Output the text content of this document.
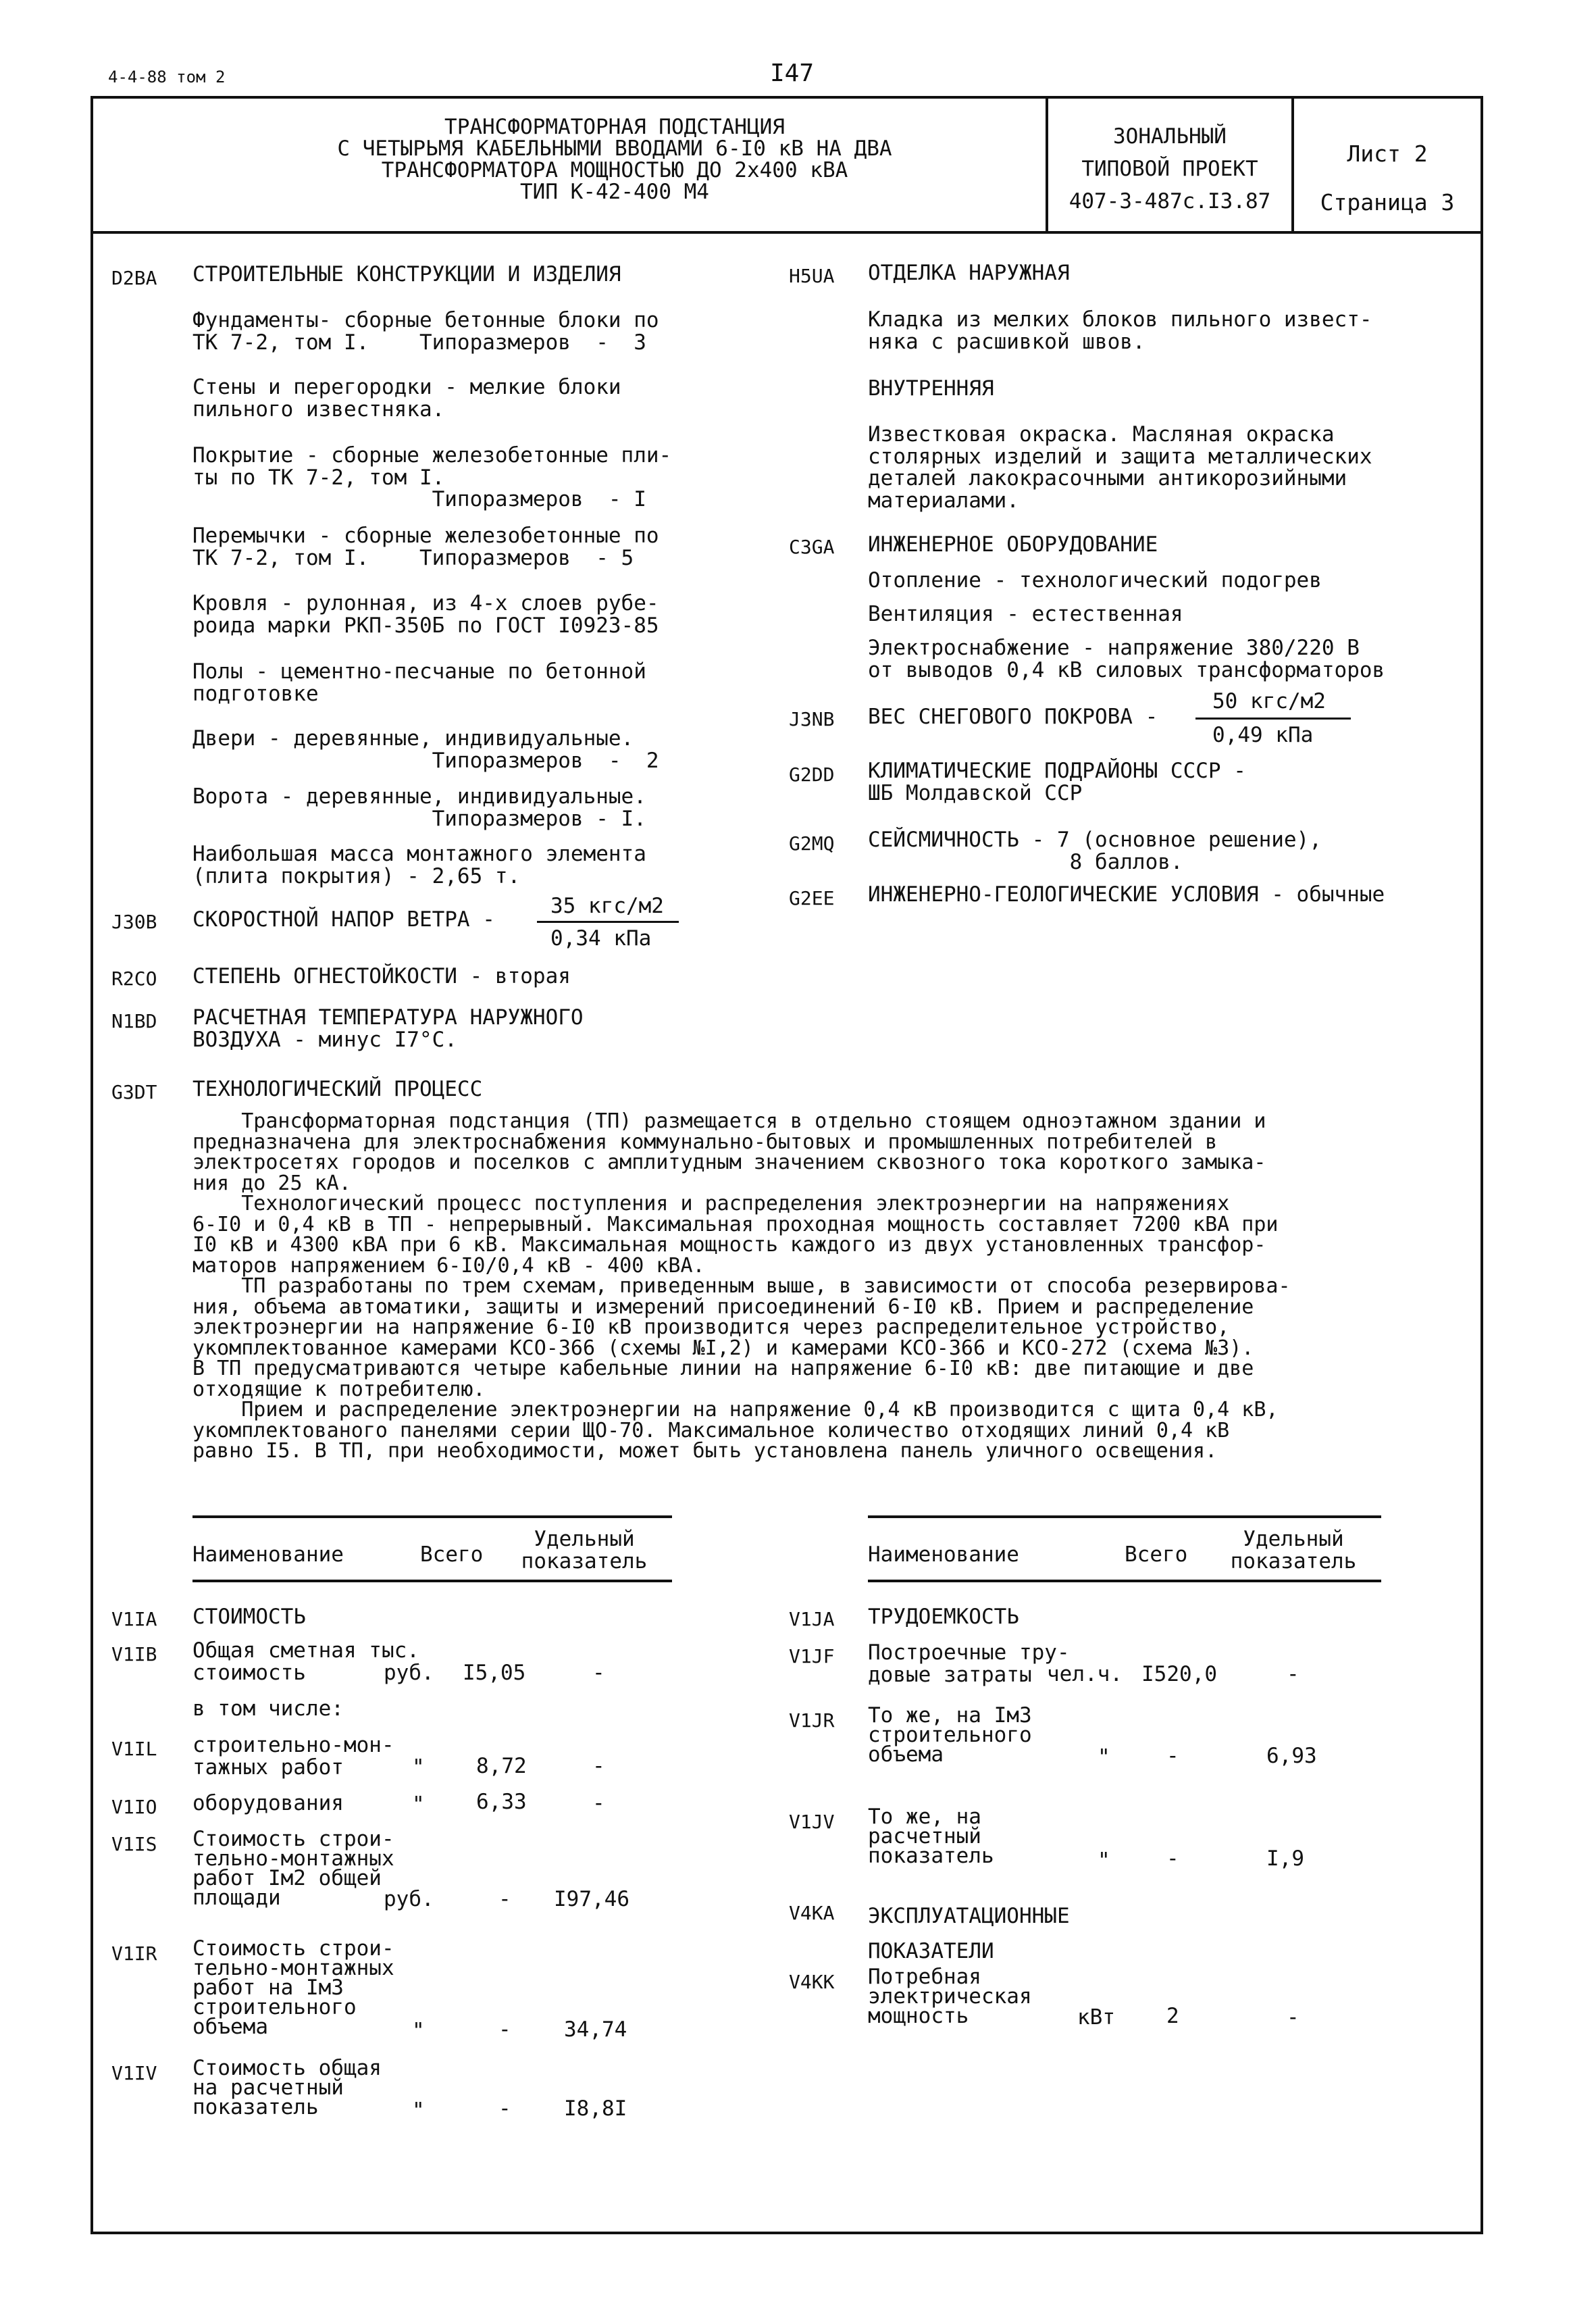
4-4-88 том 2	I47
ТРАНСФОРМАТОРНАЯ ПОДСТАНЦИЯ
С ЧЕТЫРЬМЯ КАБЕЛЬНЫМИ ВВОДАМИ 6-I0 кВ НА ДВА
ТРАНСФОРМАТОРА МОЩНОСТЬЮ ДО 2х400 кВА
ТИП К-42-400 М4
ЗОНАЛЬНЫЙ
ТИПОВОЙ ПРОЕКТ
407-3-487с.I3.87
Лист 2
Страница 3
D2BA СТРОИТЕЛЬНЫЕ КОНСТРУКЦИИ И ИЗДЕЛИЯ
Фундаменты- сборные бетонные блоки по
ТК 7-2, том I.    Типоразмеров  -  3
Стены и перегородки - мелкие блоки
пильного известняка.
Покрытие - сборные железобетонные пли-
ты по ТК 7-2, том I.
Типоразмеров  - I
Перемычки - сборные железобетонные по
ТК 7-2, том I.    Типоразмеров  - 5
Кровля - рулонная, из 4-х слоев рубе-
роида марки РКП-350Б по ГОСТ I0923-85
Полы - цементно-песчаные по бетонной
подготовке
Двери - деревянные, индивидуальные.
Типоразмеров  -  2
Ворота - деревянные, индивидуальные.
Типоразмеров - I.
Наибольшая масса монтажного элемента
(плита покрытия) - 2,65 т.
J30B СКОРОСТНОЙ НАПОР ВЕТРА -
35 кгс/м2
0,34 кПа
R2CO СТЕПЕНЬ ОГНЕСТОЙКОСТИ - вторая
N1BD РАСЧЕТНАЯ ТЕМПЕРАТУРА НАРУЖНОГО
ВОЗДУХА - минус I7°С.
H5UA ОТДЕЛКА НАРУЖНАЯ
Кладка из мелких блоков пильного извест-
няка с расшивкой швов.
ВНУТРЕННЯЯ
Известковая окраска. Масляная окраска
столярных изделий и защита металлических
деталей лакокрасочными антикорозийными
материалами.
C3GA ИНЖЕНЕРНОЕ ОБОРУДОВАНИЕ
Отопление - технологический подогрев
Вентиляция - естественная
Электроснабжение - напряжение 380/220 В
от выводов 0,4 кВ силовых трансформаторов
J3NB ВЕС СНЕГОВОГО ПОКРОВА -
50 кгс/м2
0,49 кПа
G2DD КЛИМАТИЧЕСКИЕ ПОДРАЙОНЫ СССР -
ШБ Молдавской ССР
G2MQ СЕЙСМИЧНОСТЬ - 7 (основное решение),
8 баллов.
G2EE ИНЖЕНЕРНО-ГЕОЛОГИЧЕСКИЕ УСЛОВИЯ - обычные
G3DT ТЕХНОЛОГИЧЕСКИЙ ПРОЦЕСС
Трансформаторная подстанция (ТП) размещается в отдельно стоящем одноэтажном здании и
предназначена для электроснабжения коммунально-бытовых и промышленных потребителей в
электросетях городов и поселков с амплитудным значением сквозного тока короткого замыка-
ния до 25 кА.
Технологический процесс поступления и распределения электроэнергии на напряжениях
6-I0 и 0,4 кВ в ТП - непрерывный. Максимальная проходная мощность составляет 7200 кВА при
I0 кВ и 4300 кВА при 6 кВ. Максимальная мощность каждого из двух установленных трансфор-
маторов напряжением 6-I0/0,4 кВ - 400 кВА.
ТП разработаны по трем схемам, приведенным выше, в зависимости от способа резервирова-
ния, объема автоматики, защиты и измерений присоединений 6-I0 кВ. Прием и распределение
электроэнергии на напряжение 6-I0 кВ производится через распределительное устройство,
укомплектованное камерами КСО-366 (схемы №I,2) и камерами КСО-366 и КСО-272 (схема №3).
В ТП предусматриваются четыре кабельные линии на напряжение 6-I0 кВ: две питающие и две
отходящие к потребителю.
Прием и распределение электроэнергии на напряжение 0,4 кВ производится с щита 0,4 кВ,
укомплектованого панелями серии ЩО-70. Максимальное количество отходящих линий 0,4 кВ
равно I5. В ТП, при необходимости, может быть установлена панель уличного освещения.
Наименование	Всего
Удельный
показатель
V1IA СТОИМОСТЬ
V1IB Общая сметная тыс.
стоимость	руб. I5,05	-
в том числе:
V1IL строительно-мон-
тажных работ	" 8,72	-
V1IO оборудования	" 6,33	-
V1IS Стоимость строи-
тельно-монтажных
работ Iм2 общей
площади	руб.	- I97,46
V1IR Стоимость строи-
тельно-монтажных
работ на Iм3
строительного
объема	"	-	34,74
V1IV Стоимость общая
на расчетный
показатель	"	-	I8,8I
Наименование	Всего
Удельный
показатель
V1JA ТРУДОЕМКОСТЬ
V1JF Построечные тру-
довые затраты чел.ч. I520,0	-
V1JR То же, на Iм3
строительного
объема	"	-	6,93
V1JV То же, на
расчетный
показатель	"	-	I,9
V4KA ЭКСПЛУАТАЦИОННЫЕ
ПОКАЗАТЕЛИ
V4KK Потребная
электрическая
мощность	кВт 2	-
